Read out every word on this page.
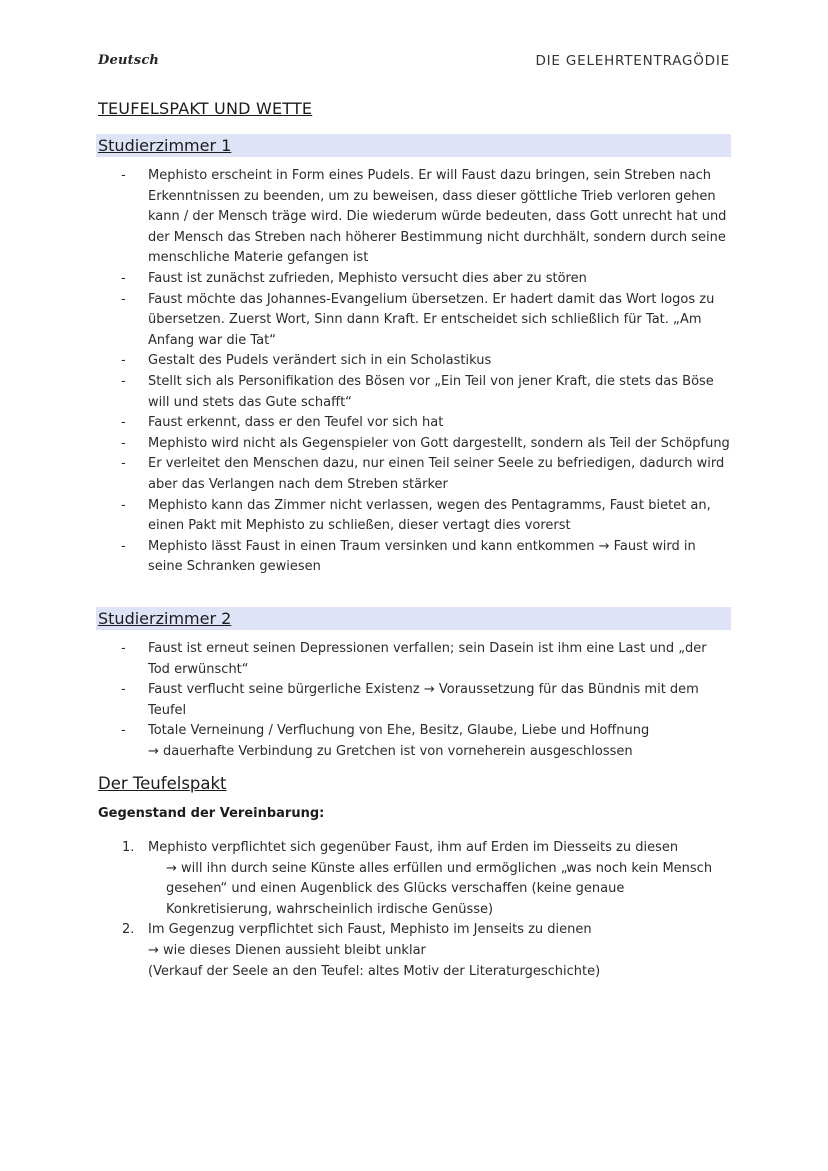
Deutsch	DIE GELEHRTENTRAGÖDIE
TEUFELSPAKT UND WETTE
Studierzimmer 1
- Mephisto erscheint in Form eines Pudels. Er will Faust dazu bringen, sein Streben nach Erkenntnissen zu beenden, um zu beweisen, dass dieser göttliche Trieb verloren gehen kann / der Mensch träge wird. Die wiederum würde bedeuten, dass Gott unrecht hat und der Mensch das Streben nach höherer Bestimmung nicht durchhält, sondern durch seine menschliche Materie gefangen ist
- Faust ist zunächst zufrieden, Mephisto versucht dies aber zu stören
- Faust möchte das Johannes-Evangelium übersetzen. Er hadert damit das Wort logos zu übersetzen. Zuerst Wort, Sinn dann Kraft. Er entscheidet sich schließlich für Tat. „Am Anfang war die Tat“
- Gestalt des Pudels verändert sich in ein Scholastikus
- Stellt sich als Personifikation des Bösen vor „Ein Teil von jener Kraft, die stets das Böse will und stets das Gute schafft“
- Faust erkennt, dass er den Teufel vor sich hat
- Mephisto wird nicht als Gegenspieler von Gott dargestellt, sondern als Teil der Schöpfung
- Er verleitet den Menschen dazu, nur einen Teil seiner Seele zu befriedigen, dadurch wird aber das Verlangen nach dem Streben stärker
- Mephisto kann das Zimmer nicht verlassen, wegen des Pentagramms, Faust bietet an, einen Pakt mit Mephisto zu schließen, dieser vertagt dies vorerst
- Mephisto lässt Faust in einen Traum versinken und kann entkommen → Faust wird in seine Schranken gewiesen
Studierzimmer 2
- Faust ist erneut seinen Depressionen verfallen; sein Dasein ist ihm eine Last und „der Tod erwünscht“
- Faust verflucht seine bürgerliche Existenz → Voraussetzung für das Bündnis mit dem Teufel
- Totale Verneinung / Verfluchung von Ehe, Besitz, Glaube, Liebe und Hoffnung
→ dauerhafte Verbindung zu Gretchen ist von vorneherein ausgeschlossen
Der Teufelspakt
Gegenstand der Vereinbarung:
1. Mephisto verpflichtet sich gegenüber Faust, ihm auf Erden im Diesseits zu diesen
→ will ihn durch seine Künste alles erfüllen und ermöglichen „was noch kein Mensch gesehen“ und einen Augenblick des Glücks verschaffen (keine genaue Konkretisierung, wahrscheinlich irdische Genüsse)
2. Im Gegenzug verpflichtet sich Faust, Mephisto im Jenseits zu dienen
→ wie dieses Dienen aussieht bleibt unklar
(Verkauf der Seele an den Teufel: altes Motiv der Literaturgeschichte)
